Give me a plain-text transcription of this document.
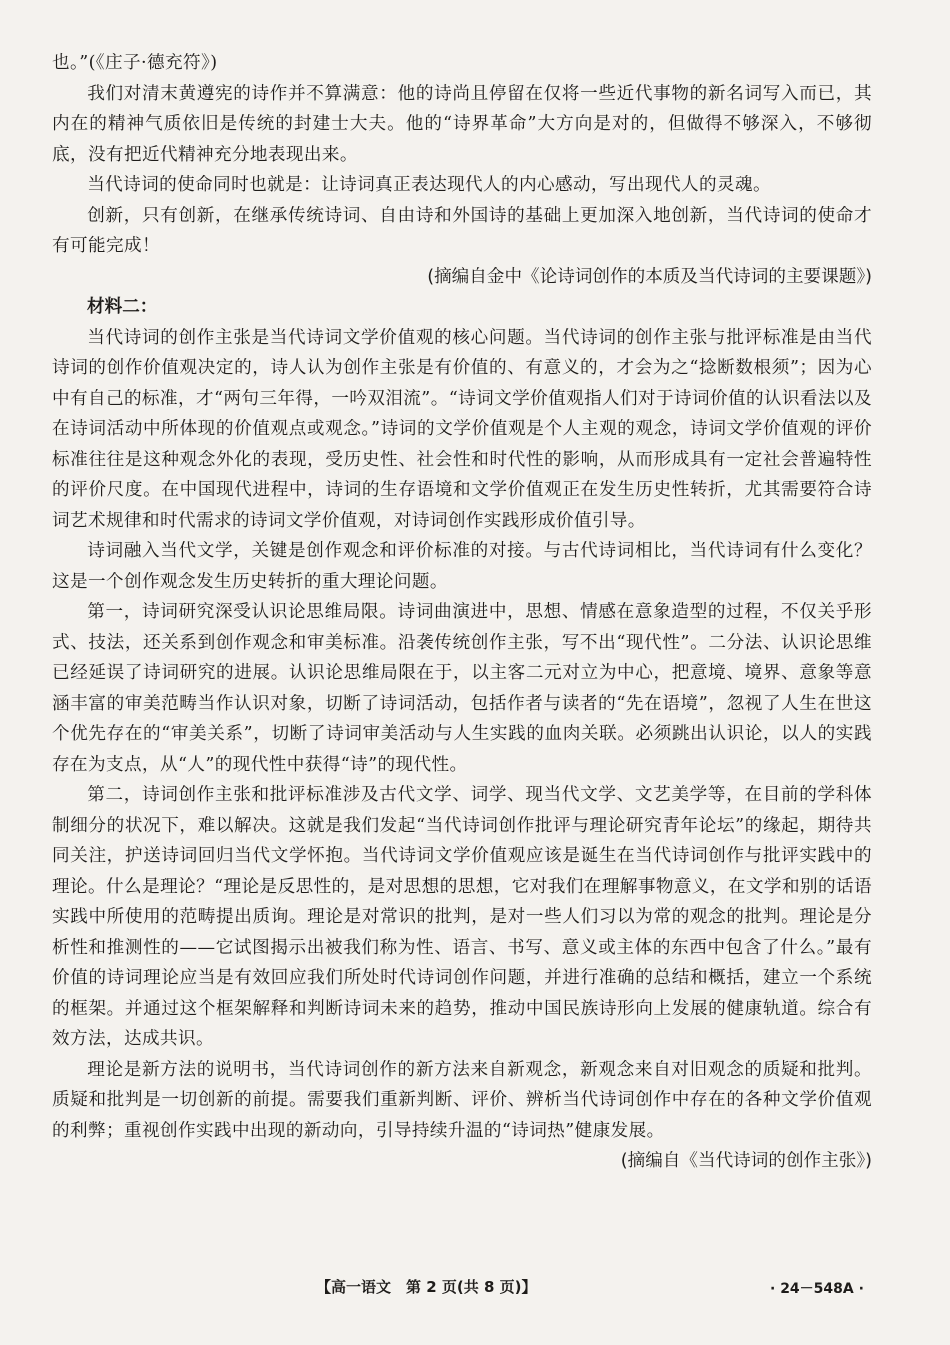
也。”(《庄子·德充符》)

我们对清末黄遵宪的诗作并不算满意：他的诗尚且停留在仅将一些近代事物的新名词写入而已，其内在的精神气质依旧是传统的封建士大夫。他的“诗界革命”大方向是对的，但做得不够深入，不够彻底，没有把近代精神充分地表现出来。

当代诗词的使命同时也就是：让诗词真正表达现代人的内心感动，写出现代人的灵魂。

创新，只有创新，在继承传统诗词、自由诗和外国诗的基础上更加深入地创新，当代诗词的使命才有可能完成！

(摘编自金中《论诗词创作的本质及当代诗词的主要课题》)

材料二：

当代诗词的创作主张是当代诗词文学价值观的核心问题。当代诗词的创作主张与批评标准是由当代诗词的创作价值观决定的，诗人认为创作主张是有价值的、有意义的，才会为之“捻断数根须”；因为心中有自己的标准，才“两句三年得，一吟双泪流”。“诗词文学价值观指人们对于诗词价值的认识看法以及在诗词活动中所体现的价值观点或观念。”诗词的文学价值观是个人主观的观念，诗词文学价值观的评价标准往往是这种观念外化的表现，受历史性、社会性和时代性的影响，从而形成具有一定社会普遍特性的评价尺度。在中国现代进程中，诗词的生存语境和文学价值观正在发生历史性转折，尤其需要符合诗词艺术规律和时代需求的诗词文学价值观，对诗词创作实践形成价值引导。

诗词融入当代文学，关键是创作观念和评价标准的对接。与古代诗词相比，当代诗词有什么变化？这是一个创作观念发生历史转折的重大理论问题。

第一，诗词研究深受认识论思维局限。诗词曲演进中，思想、情感在意象造型的过程，不仅关乎形式、技法，还关系到创作观念和审美标准。沿袭传统创作主张，写不出“现代性”。二分法、认识论思维已经延误了诗词研究的进展。认识论思维局限在于，以主客二元对立为中心，把意境、境界、意象等意涵丰富的审美范畴当作认识对象，切断了诗词活动，包括作者与读者的“先在语境”，忽视了人生在世这个优先存在的“审美关系”，切断了诗词审美活动与人生实践的血肉关联。必须跳出认识论，以人的实践存在为支点，从“人”的现代性中获得“诗”的现代性。

第二，诗词创作主张和批评标准涉及古代文学、词学、现当代文学、文艺美学等，在目前的学科体制细分的状况下，难以解决。这就是我们发起“当代诗词创作批评与理论研究青年论坛”的缘起，期待共同关注，护送诗词回归当代文学怀抱。当代诗词文学价值观应该是诞生在当代诗词创作与批评实践中的理论。什么是理论？“理论是反思性的，是对思想的思想，它对我们在理解事物意义，在文学和别的话语实践中所使用的范畴提出质询。理论是对常识的批判，是对一些人们习以为常的观念的批判。理论是分析性和推测性的——它试图揭示出被我们称为性、语言、书写、意义或主体的东西中包含了什么。”最有价值的诗词理论应当是有效回应我们所处时代诗词创作问题，并进行准确的总结和概括，建立一个系统的框架。并通过这个框架解释和判断诗词未来的趋势，推动中国民族诗形向上发展的健康轨道。综合有效方法，达成共识。

理论是新方法的说明书，当代诗词创作的新方法来自新观念，新观念来自对旧观念的质疑和批判。质疑和批判是一切创新的前提。需要我们重新判断、评价、辨析当代诗词创作中存在的各种文学价值观的利弊；重视创作实践中出现的新动向，引导持续升温的“诗词热”健康发展。

(摘编自《当代诗词的创作主张》)

【高一语文　第 2 页(共 8 页)】	· 24－548A ·
